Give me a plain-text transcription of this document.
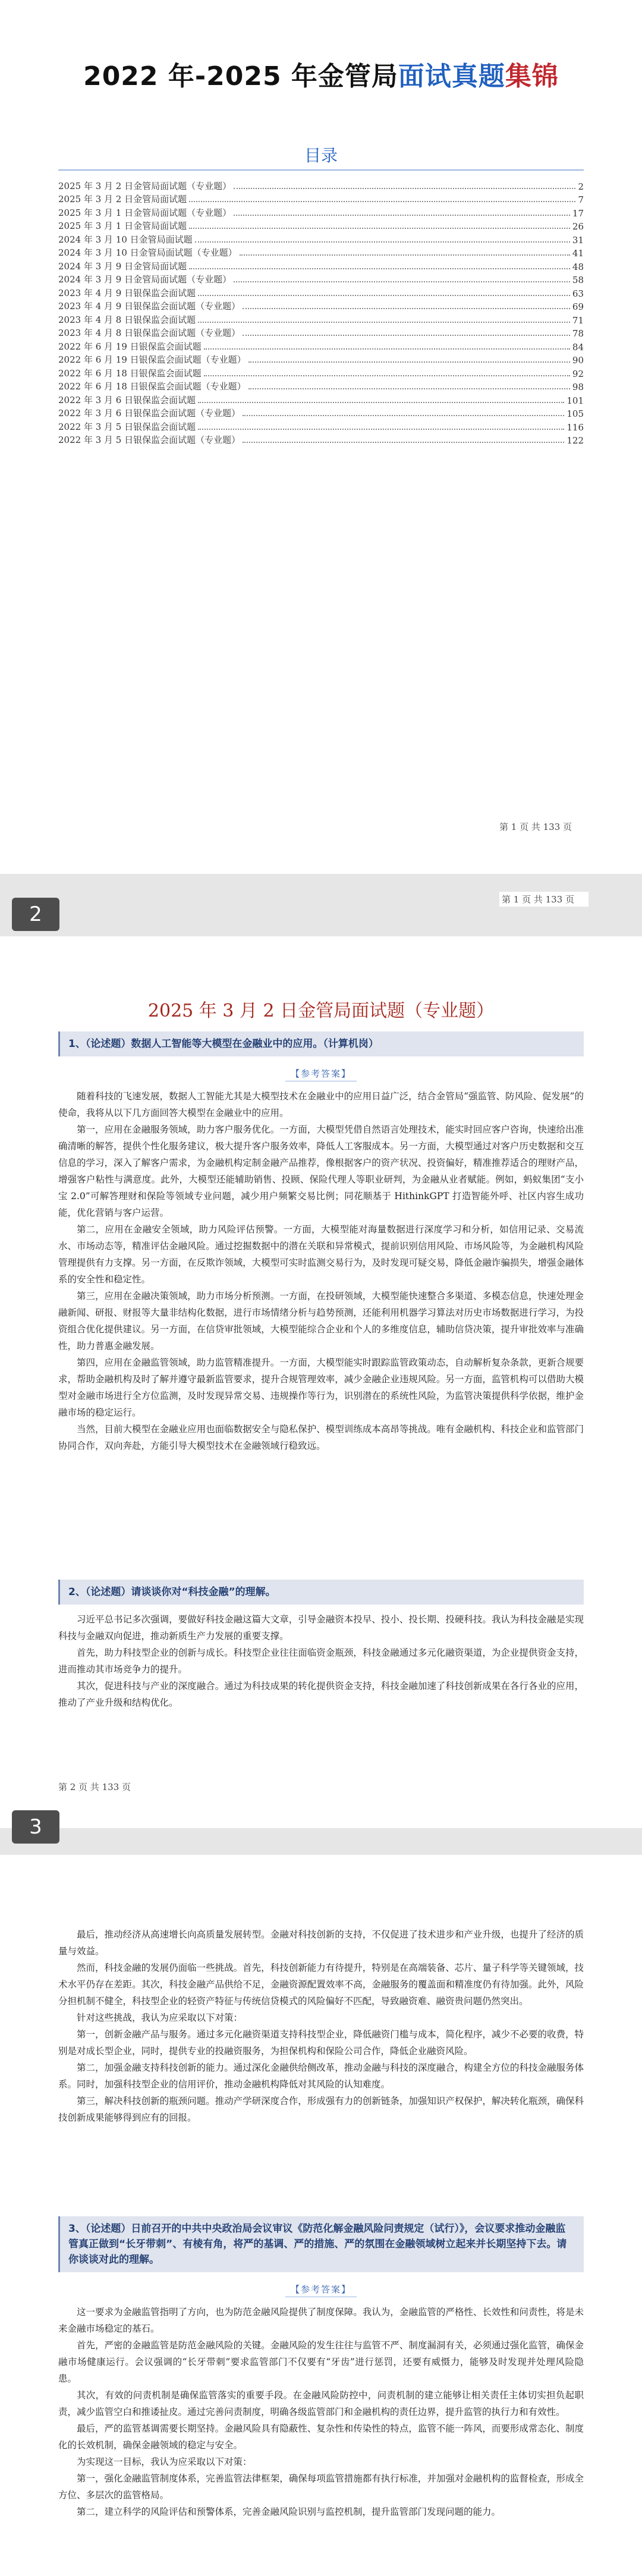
2022 年-2025 年金管局面试真题集锦
目录
2025 年 3 月 2 日金管局面试题（专业题）	2
2025 年 3 月 2 日金管局面试题	7
2025 年 3 月 1 日金管局面试题（专业题）	17
2025 年 3 月 1 日金管局面试题	26
2024 年 3 月 10 日金管局面试题	31
2024 年 3 月 10 日金管局面试题（专业题）	41
2024 年 3 月 9 日金管局面试题	48
2024 年 3 月 9 日金管局面试题（专业题）	58
2023 年 4 月 9 日银保监会面试题	63
2023 年 4 月 9 日银保监会面试题（专业题）	69
2023 年 4 月 8 日银保监会面试题	71
2023 年 4 月 8 日银保监会面试题（专业题）	78
2022 年 6 月 19 日银保监会面试题	84
2022 年 6 月 19 日银保监会面试题（专业题）	90
2022 年 6 月 18 日银保监会面试题	92
2022 年 6 月 18 日银保监会面试题（专业题）	98
2022 年 3 月 6 日银保监会面试题	101
2022 年 3 月 6 日银保监会面试题（专业题）	105
2022 年 3 月 5 日银保监会面试题	116
2022 年 3 月 5 日银保监会面试题（专业题）	122
第 1 页 共 133 页
第 1 页 共 133 页
2
2025 年 3 月 2 日金管局面试题（专业题）
1、（论述题）数据人工智能等大模型在金融业中的应用。（计算机岗）
【参考答案】
随着科技的飞速发展，数据人工智能尤其是大模型技术在金融业中的应用日益广泛，结合金管局“强监管、防风险、促发展”的使命，我将从以下几方面回答大模型在金融业中的应用。
第一，应用在金融服务领域，助力客户服务优化。一方面，大模型凭借自然语言处理技术，能实时回应客户咨询，快速给出准确清晰的解答，提供个性化服务建议，极大提升客户服务效率，降低人工客服成本。另一方面，大模型通过对客户历史数据和交互信息的学习，深入了解客户需求，为金融机构定制金融产品推荐，像根据客户的资产状况、投资偏好，精准推荐适合的理财产品，增强客户粘性与满意度。此外，大模型还能辅助销售、投顾、保险代理人等职业研判，为金融从业者赋能。例如，蚂蚁集团“支小宝 2.0”可解答理财和保险等领域专业问题，减少用户频繁交易比例；同花顺基于 HithinkGPT 打造智能外呼、社区内容生成功能，优化营销与客户运营。
第二，应用在金融安全领域，助力风险评估预警。一方面，大模型能对海量数据进行深度学习和分析，如信用记录、交易流水、市场动态等，精准评估金融风险。通过挖掘数据中的潜在关联和异常模式，提前识别信用风险、市场风险等，为金融机构风险管理提供有力支撑。另一方面，在反欺诈领域，大模型可实时监测交易行为，及时发现可疑交易，降低金融诈骗损失，增强金融体系的安全性和稳定性。
第三，应用在金融决策领域，助力市场分析预测。一方面，在投研领域，大模型能快速整合多渠道、多模态信息，快速处理金融新闻、研报、财报等大量非结构化数据，进行市场情绪分析与趋势预测，还能利用机器学习算法对历史市场数据进行学习，为投资组合优化提供建议。另一方面，在信贷审批领域，大模型能综合企业和个人的多维度信息，辅助信贷决策，提升审批效率与准确性，助力普惠金融发展。
第四，应用在金融监管领域，助力监管精准提升。一方面，大模型能实时跟踪监管政策动态，自动解析复杂条款，更新合规要求，帮助金融机构及时了解并遵守最新监管要求，提升合规管理效率，减少金融企业违规风险。另一方面，监管机构可以借助大模型对金融市场进行全方位监测，及时发现异常交易、违规操作等行为，识别潜在的系统性风险，为监管决策提供科学依据，维护金融市场的稳定运行。
当然，目前大模型在金融业应用也面临数据安全与隐私保护、模型训练成本高昂等挑战。唯有金融机构、科技企业和监管部门协同合作，双向奔赴，方能引导大模型技术在金融领域行稳致远。
2、（论述题）请谈谈你对“科技金融”的理解。
习近平总书记多次强调，要做好科技金融这篇大文章，引导金融资本投早、投小、投长期、投硬科技。我认为科技金融是实现科技与金融双向促进，推动新质生产力发展的重要支撑。
首先，助力科技型企业的创新与成长。科技型企业往往面临资金瓶颈，科技金融通过多元化融资渠道，为企业提供资金支持，进而推动其市场竞争力的提升。
其次，促进科技与产业的深度融合。通过为科技成果的转化提供资金支持，科技金融加速了科技创新成果在各行各业的应用，推动了产业升级和结构优化。
第 2 页 共 133 页
3
最后，推动经济从高速增长向高质量发展转型。金融对科技创新的支持，不仅促进了技术进步和产业升级，也提升了经济的质量与效益。
然而，科技金融的发展仍面临一些挑战。首先，科技创新能力有待提升，特别是在高端装备、芯片、量子科学等关键领域，技术水平仍存在差距。其次，科技金融产品供给不足，金融资源配置效率不高，金融服务的覆盖面和精准度仍有待加强。此外，风险分担机制不健全，科技型企业的轻资产特征与传统信贷模式的风险偏好不匹配，导致融资难、融资贵问题仍然突出。
针对这些挑战，我认为应采取以下对策：
第一，创新金融产品与服务。通过多元化融资渠道支持科技型企业，降低融资门槛与成本，简化程序，减少不必要的收费，特别是对成长型企业，同时，提供专业的投融资服务，为担保机构和保险公司合作，降低企业融资风险。
第二，加强金融支持科技创新的能力。通过深化金融供给侧改革，推动金融与科技的深度融合，构建全方位的科技金融服务体系。同时，加强科技型企业的信用评价，推动金融机构降低对其风险的认知难度。
第三，解决科技创新的瓶颈问题。推动产学研深度合作，形成强有力的创新链条，加强知识产权保护，解决转化瓶颈，确保科技创新成果能够得到应有的回报。
3、（论述题）日前召开的中共中央政治局会议审议《防范化解金融风险问责规定（试行）》，会议要求推动金融监管真正做到“长牙带刺”、有棱有角，将严的基调、严的措施、严的氛围在金融领域树立起来并长期坚持下去。请你谈谈对此的理解。
【参考答案】
这一要求为金融监管指明了方向，也为防范金融风险提供了制度保障。我认为，金融监管的严格性、长效性和问责性，将是未来金融市场稳定的基石。
首先，严密的金融监管是防范金融风险的关键。金融风险的发生往往与监管不严、制度漏洞有关，必须通过强化监管，确保金融市场健康运行。会议强调的“长牙带刺”要求监管部门不仅要有“牙齿”进行惩罚，还要有威慑力，能够及时发现并处理风险隐患。
其次，有效的问责机制是确保监管落实的重要手段。在金融风险防控中，问责机制的建立能够让相关责任主体切实担负起职责，减少监管空白和推诿扯皮。通过完善问责制度，明确各级监管部门和金融机构的责任边界，提升监管的执行力和有效性。
最后，严的监管基调需要长期坚持。金融风险具有隐蔽性、复杂性和传染性的特点，监管不能一阵风，而要形成常态化、制度化的长效机制，确保金融领域的稳定与安全。
为实现这一目标，我认为应采取以下对策：
第一，强化金融监管制度体系，完善监管法律框架，确保每项监管措施都有执行标准，并加强对金融机构的监督检查，形成全方位、多层次的监管格局。
第二，建立科学的风险评估和预警体系，完善金融风险识别与监控机制，提升监管部门发现问题的能力。
